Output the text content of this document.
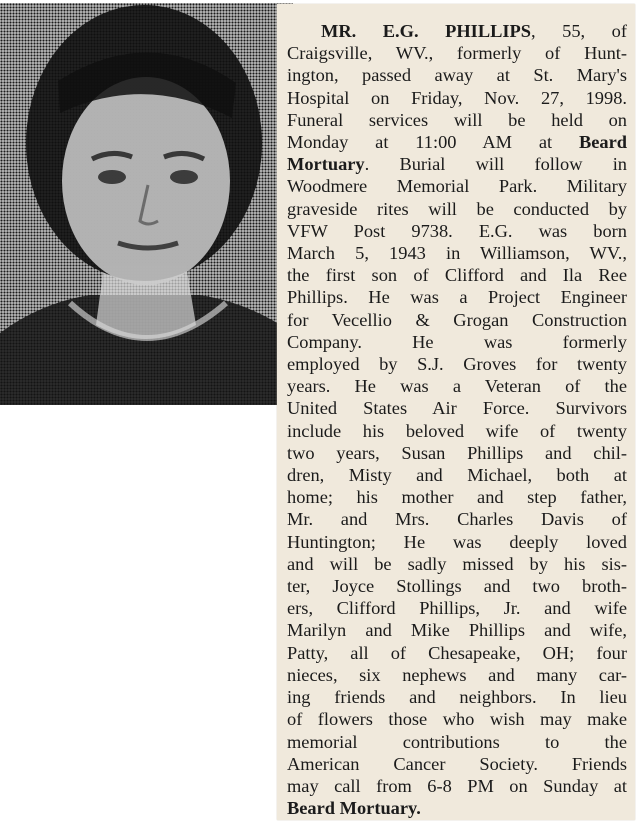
MR. E.G. PHILLIPS, 55, of
Craigsville, WV., formerly of Hunt-
ington, passed away at St. Mary's
Hospital on Friday, Nov. 27, 1998.
Funeral services will be held on
Monday at 11:00 AM at Beard
Mortuary. Burial will follow in
Woodmere Memorial Park. Military
graveside rites will be conducted by
VFW Post 9738. E.G. was born
March 5, 1943 in Williamson, WV.,
the first son of Clifford and Ila Ree
Phillips. He was a Project Engineer
for Vecellio & Grogan Construction
Company. He was formerly
employed by S.J. Groves for twenty
years. He was a Veteran of the
United States Air Force. Survivors
include his beloved wife of twenty
two years, Susan Phillips and chil-
dren, Misty and Michael, both at
home; his mother and step father,
Mr. and Mrs. Charles Davis of
Huntington; He was deeply loved
and will be sadly missed by his sis-
ter, Joyce Stollings and two broth-
ers, Clifford Phillips, Jr. and wife
Marilyn and Mike Phillips and wife,
Patty, all of Chesapeake, OH; four
nieces, six nephews and many car-
ing friends and neighbors. In lieu
of flowers those who wish may make
memorial contributions to the
American Cancer Society. Friends
may call from 6-8 PM on Sunday at
Beard Mortuary.
